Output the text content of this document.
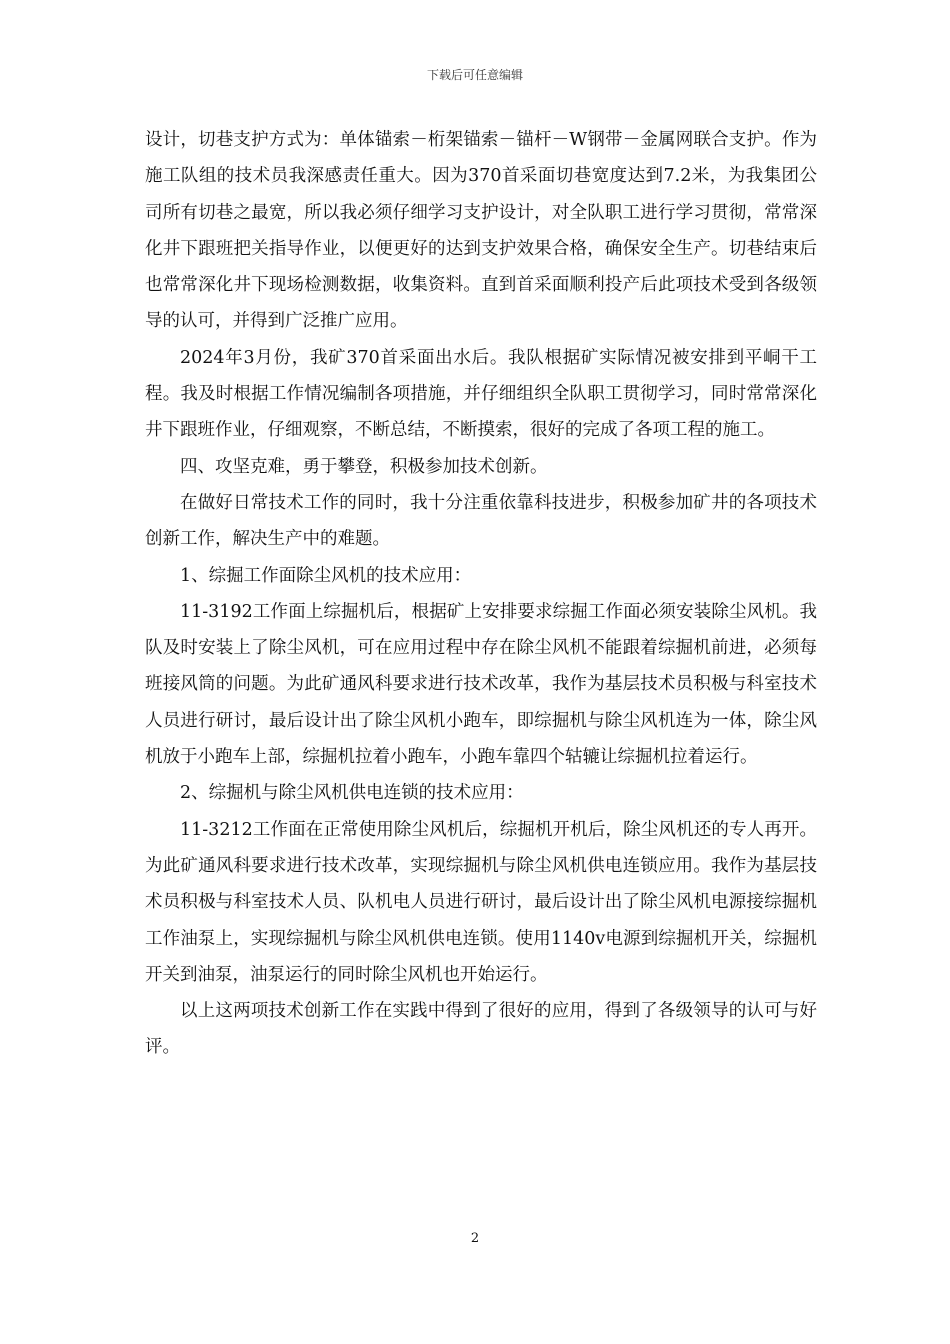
下载后可任意编辑

设计，切巷支护方式为：单体锚索－桁架锚索－锚杆－W钢带－金属网联合支护。作为施工队组的技术员我深感责任重大。因为370首采面切巷宽度达到7.2米，为我集团公司所有切巷之最宽，所以我必须仔细学习支护设计，对全队职工进行学习贯彻，常常深化井下跟班把关指导作业，以便更好的达到支护效果合格，确保安全生产。切巷结束后也常常深化井下现场检测数据，收集资料。直到首采面顺利投产后此项技术受到各级领导的认可，并得到广泛推广应用。

2024年3月份，我矿370首采面出水后。我队根据矿实际情况被安排到平峒干工程。我及时根据工作情况编制各项措施，并仔细组织全队职工贯彻学习，同时常常深化井下跟班作业，仔细观察，不断总结，不断摸索，很好的完成了各项工程的施工。

四、攻坚克难，勇于攀登，积极参加技术创新。

在做好日常技术工作的同时，我十分注重依靠科技进步，积极参加矿井的各项技术创新工作，解决生产中的难题。

1、综掘工作面除尘风机的技术应用：

11-3192工作面上综掘机后，根据矿上安排要求综掘工作面必须安装除尘风机。我队及时安装上了除尘风机，可在应用过程中存在除尘风机不能跟着综掘机前进，必须每班接风筒的问题。为此矿通风科要求进行技术改革，我作为基层技术员积极与科室技术人员进行研讨，最后设计出了除尘风机小跑车，即综掘机与除尘风机连为一体，除尘风机放于小跑车上部，综掘机拉着小跑车，小跑车靠四个轱辘让综掘机拉着运行。

2、综掘机与除尘风机供电连锁的技术应用：

11-3212工作面在正常使用除尘风机后，综掘机开机后，除尘风机还的专人再开。为此矿通风科要求进行技术改革，实现综掘机与除尘风机供电连锁应用。我作为基层技术员积极与科室技术人员、队机电人员进行研讨，最后设计出了除尘风机电源接综掘机工作油泵上，实现综掘机与除尘风机供电连锁。使用1140v电源到综掘机开关，综掘机开关到油泵，油泵运行的同时除尘风机也开始运行。

以上这两项技术创新工作在实践中得到了很好的应用，得到了各级领导的认可与好评。

2
